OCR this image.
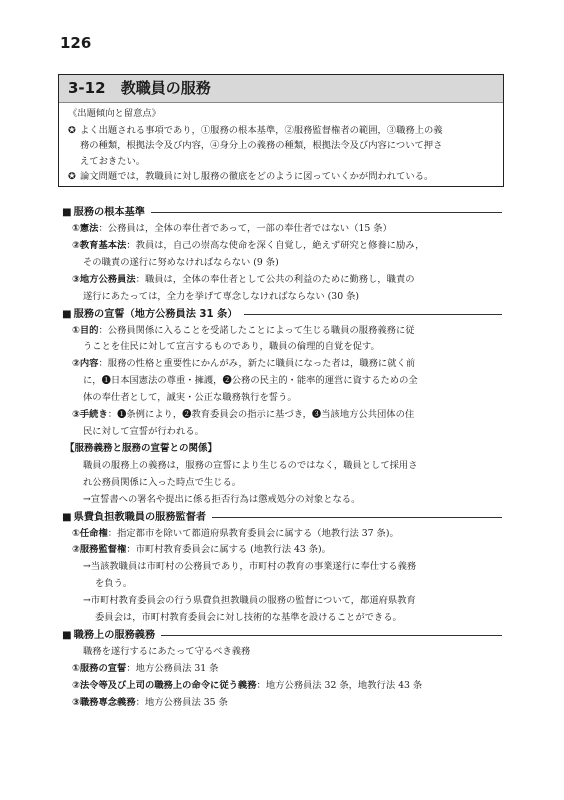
126
3-12 教職員の服務
《出題傾向と留意点》
✪ よく出題される事項であり，①服務の根本基準，②服務監督権者の範囲，③職務上の義
務の種類，根拠法令及び内容，④身分上の義務の種類，根拠法令及び内容について押さ
えておきたい。
✪ 論文問題では，教職員に対し服務の徹底をどのように図っていくかが問われている。
■ 服務の根本基準
①憲法：公務員は，全体の奉仕者であって，一部の奉仕者ではない（15 条）
②教育基本法：教員は，自己の崇高な使命を深く自覚し，絶えず研究と修養に励み，
その職責の遂行に努めなければならない (9 条)
③地方公務員法：職員は，全体の奉仕者として公共の利益のために勤務し，職責の
遂行にあたっては，全力を挙げて専念しなければならない (30 条)
■ 服務の宣誓（地方公務員法 31 条）
①目的：公務員関係に入ることを受諾したことによって生じる職員の服務義務に従
うことを住民に対して宣言するものであり，職員の倫理的自覚を促す。
②内容：服務の性格と重要性にかんがみ，新たに職員になった者は，職務に就く前
に，❶日本国憲法の尊重・擁護，❷公務の民主的・能率的運営に資するための全
体の奉仕者として，誠実・公正な職務執行を誓う。
③手続き：❶条例により，❷教育委員会の指示に基づき，❸当該地方公共団体の住
民に対して宣誓が行われる。
【服務義務と服務の宣誓との関係】
職員の服務上の義務は，服務の宣誓により生じるのではなく，職員として採用さ
れ公務員関係に入った時点で生じる。
→宣誓書への署名や提出に係る拒否行為は懲戒処分の対象となる。
■ 県費負担教職員の服務監督者
①任命権：指定都市を除いて都道府県教育委員会に属する（地教行法 37 条)。
②服務監督権：市町村教育委員会に属する (地教行法 43 条)。
→当該教職員は市町村の公務員であり，市町村の教育の事業遂行に奉仕する義務
を負う。
→市町村教育委員会の行う県費負担教職員の服務の監督について，都道府県教育
委員会は，市町村教育委員会に対し技術的な基準を設けることができる。
■ 職務上の服務義務
職務を遂行するにあたって守るべき義務
①服務の宣誓：地方公務員法 31 条
②法令等及び上司の職務上の命令に従う義務：地方公務員法 32 条，地教行法 43 条
③職務専念義務：地方公務員法 35 条
